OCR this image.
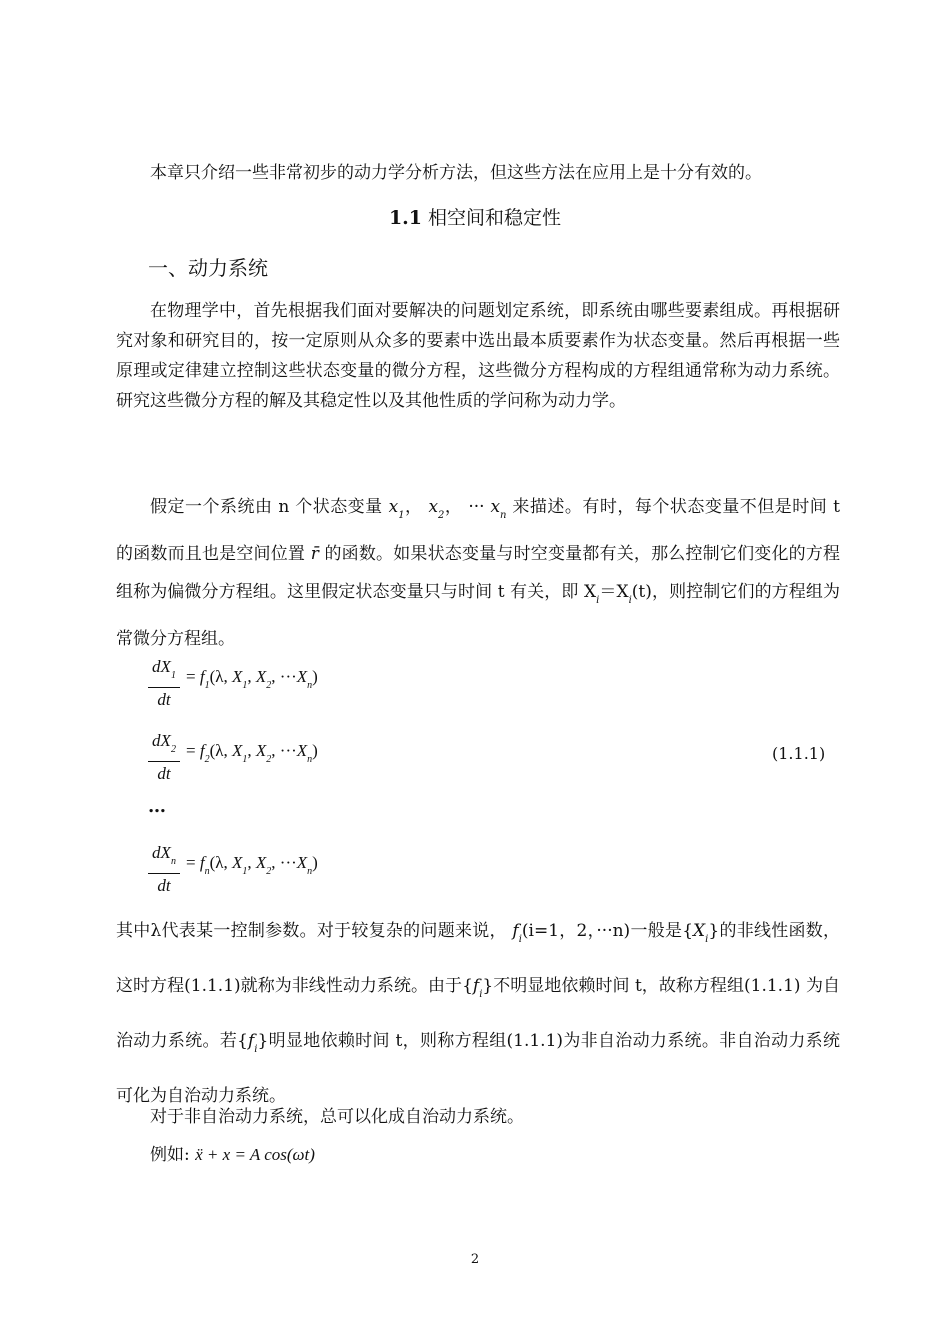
本章只介绍一些非常初步的动力学分析方法，但这些方法在应用上是十分有效的。
1.1 相空间和稳定性
一、动力系统
在物理学中，首先根据我们面对要解决的问题划定系统，即系统由哪些要素组成。再根据研究对象和研究目的，按一定原则从众多的要素中选出最本质要素作为状态变量。然后再根据一些原理或定律建立控制这些状态变量的微分方程，这些微分方程构成的方程组通常称为动力系统。研究这些微分方程的解及其稳定性以及其他性质的学问称为动力学。
假定一个系统由 n 个状态变量 $x_1$， $x_2$， ··· $x_n$ 来描述。有时，每个状态变量不但是时间 t 的函数而且也是空间位置 r̄ 的函数。如果状态变量与时空变量都有关，那么控制它们变化的方程组称为偏微分方程组。这里假定状态变量只与时间 t 有关，即 $X_i=X_i(t)$，则控制它们的方程组为常微分方程组。
$\frac{dX_1}{dt} = f_1(\lambda$, $X_1$, $X_2$, $\cdot\cdot\cdot X_n$)
$\frac{dX_2}{dt} = f_2(\lambda$, $X_1$, $X_2$, $\cdot\cdot\cdot X_n$)	(1.1.1)
…
$dX_n$
dt
= $f_n(\lambda$, $X_1$, $X_2$, $\cdot\cdot\cdot X_n$)
其中λ代表某一控制参数。对于较复杂的问题来说， $f_i(i=1$，2，···n)一般是$\{X_i\}$的非线性函数，这时方程(1.1.1)就称为非线性动力系统。由于$\{f_i\}$不明显地依赖时间 t，故称方程组(1.1.1) 为自治动力系统。若$\{f_i\}$明显地依赖时间 t，则称方程组(1.1.1)为非自治动力系统。非自治动力系统可化为自治动力系统。
对于非自治动力系统，总可以化成自治动力系统。
例如: ẍ + x = A cos(ωt)
2
